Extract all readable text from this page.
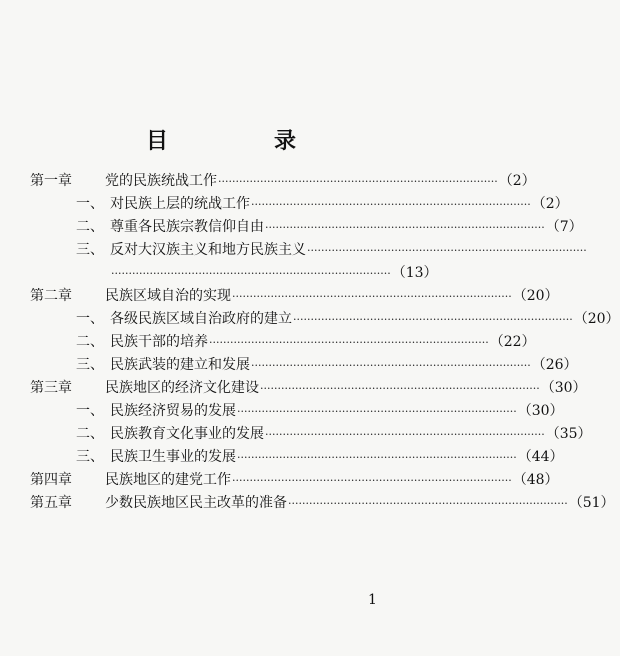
目	录
第一章	党的民族统战工作 ················································································ （2）
一、 对民族上层的统战工作 ················································································ （2）
二、 尊重各民族宗教信仰自由 ················································································ （7）
三、 反对大汉族主义和地方民族主义 ················································································
················································································ （13）
第二章	民族区域自治的实现 ················································································ （20）
一、 各级民族区域自治政府的建立 ················································································ （20）
二、 民族干部的培养 ················································································ （22）
三、 民族武装的建立和发展 ················································································ （26）
第三章	民族地区的经济文化建设 ················································································ （30）
一、 民族经济贸易的发展 ················································································ （30）
二、 民族教育文化事业的发展 ················································································ （35）
三、 民族卫生事业的发展 ················································································ （44）
第四章	民族地区的建党工作 ················································································ （48）
第五章	少数民族地区民主改革的准备 ················································································ （51）
1
